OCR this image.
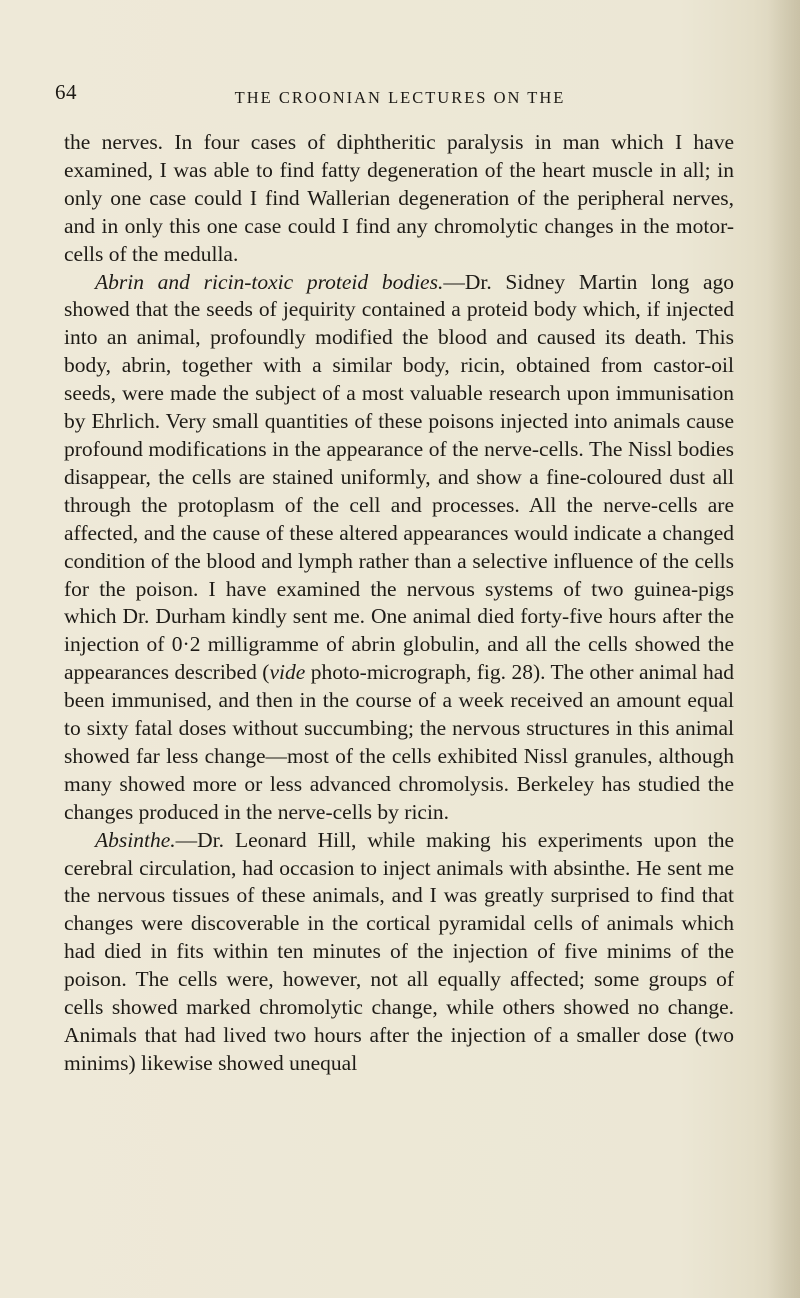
64	THE CROONIAN LECTURES ON THE

the nerves. In four cases of diphtheritic paralysis in man which I have examined, I was able to find fatty degeneration of the heart muscle in all; in only one case could I find Wallerian degeneration of the peripheral nerves, and in only this one case could I find any chromolytic changes in the motor-cells of the medulla.

Abrin and ricin-toxic proteid bodies.—Dr. Sidney Martin long ago showed that the seeds of jequirity contained a proteid body which, if injected into an animal, profoundly modified the blood and caused its death. This body, abrin, together with a similar body, ricin, obtained from castor-oil seeds, were made the subject of a most valuable research upon immunisation by Ehrlich. Very small quantities of these poisons injected into animals cause profound modifications in the appearance of the nerve-cells. The Nissl bodies disappear, the cells are stained uniformly, and show a fine-coloured dust all through the protoplasm of the cell and processes. All the nerve-cells are affected, and the cause of these altered appearances would indicate a changed condition of the blood and lymph rather than a selective influence of the cells for the poison. I have examined the nervous systems of two guinea-pigs which Dr. Durham kindly sent me. One animal died forty-five hours after the injection of 0·2 milligramme of abrin globulin, and all the cells showed the appearances described (vide photo-micrograph, fig. 28). The other animal had been immunised, and then in the course of a week received an amount equal to sixty fatal doses without succumbing; the nervous structures in this animal showed far less change—most of the cells exhibited Nissl granules, although many showed more or less advanced chromolysis. Berkeley has studied the changes produced in the nerve-cells by ricin.

Absinthe.—Dr. Leonard Hill, while making his experiments upon the cerebral circulation, had occasion to inject animals with absinthe. He sent me the nervous tissues of these animals, and I was greatly surprised to find that changes were discoverable in the cortical pyramidal cells of animals which had died in fits within ten minutes of the injection of five minims of the poison. The cells were, however, not all equally affected; some groups of cells showed marked chromolytic change, while others showed no change. Animals that had lived two hours after the injection of a smaller dose (two minims) likewise showed unequal
